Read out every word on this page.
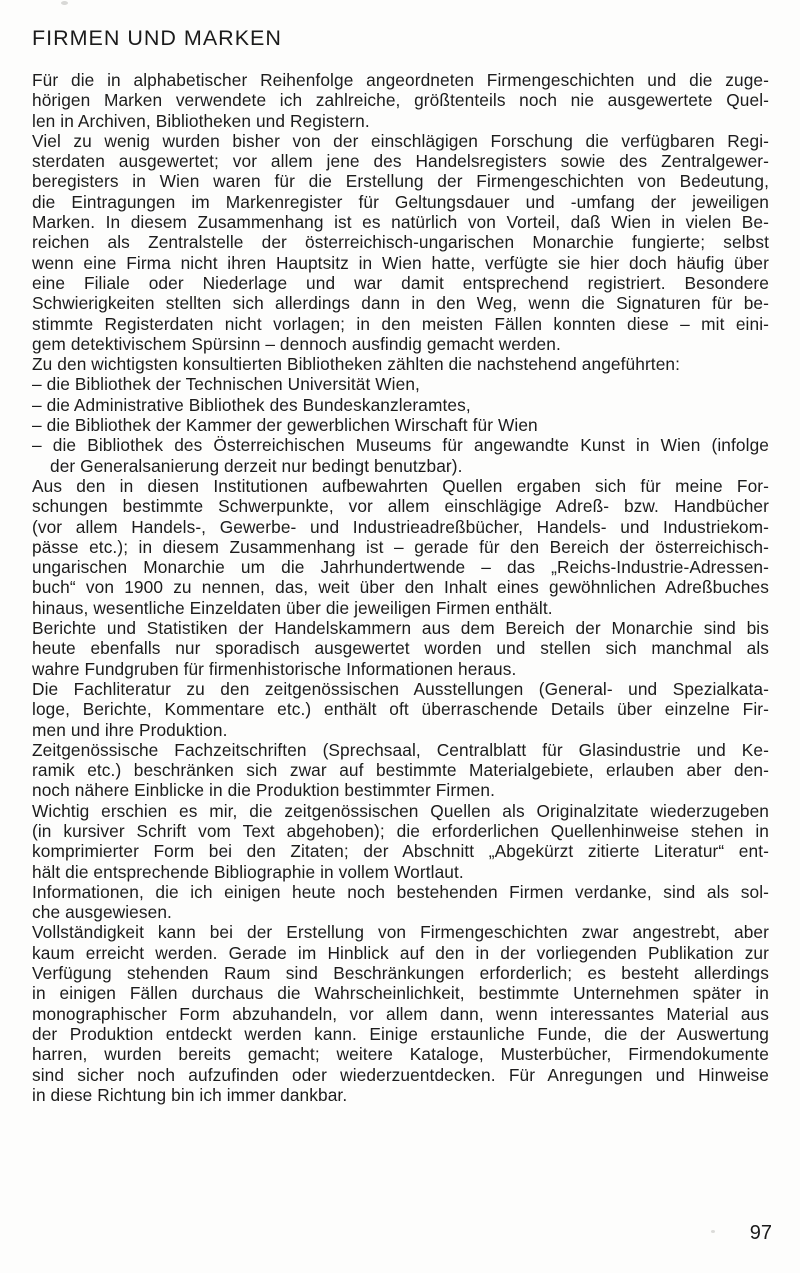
FIRMEN UND MARKEN
Für die in alphabetischer Reihenfolge angeordneten Firmengeschichten und die zuge-
hörigen Marken verwendete ich zahlreiche, größtenteils noch nie ausgewertete Quel-
len in Archiven, Bibliotheken und Registern.
Viel zu wenig wurden bisher von der einschlägigen Forschung die verfügbaren Regi-
sterdaten ausgewertet; vor allem jene des Handelsregisters sowie des Zentralgewer-
beregisters in Wien waren für die Erstellung der Firmengeschichten von Bedeutung,
die Eintragungen im Markenregister für Geltungsdauer und -umfang der jeweiligen
Marken. In diesem Zusammenhang ist es natürlich von Vorteil, daß Wien in vielen Be-
reichen als Zentralstelle der österreichisch-ungarischen Monarchie fungierte; selbst
wenn eine Firma nicht ihren Hauptsitz in Wien hatte, verfügte sie hier doch häufig über
eine Filiale oder Niederlage und war damit entsprechend registriert. Besondere
Schwierigkeiten stellten sich allerdings dann in den Weg, wenn die Signaturen für be-
stimmte Registerdaten nicht vorlagen; in den meisten Fällen konnten diese – mit eini-
gem detektivischem Spürsinn – dennoch ausfindig gemacht werden.
Zu den wichtigsten konsultierten Bibliotheken zählten die nachstehend angeführten:
– die Bibliothek der Technischen Universität Wien,
– die Administrative Bibliothek des Bundeskanzleramtes,
– die Bibliothek der Kammer der gewerblichen Wirschaft für Wien
– die Bibliothek des Österreichischen Museums für angewandte Kunst in Wien (infolge
der Generalsanierung derzeit nur bedingt benutzbar).
Aus den in diesen Institutionen aufbewahrten Quellen ergaben sich für meine For-
schungen bestimmte Schwerpunkte, vor allem einschlägige Adreß- bzw. Handbücher
(vor allem Handels-, Gewerbe- und Industrieadreßbücher, Handels- und Industriekom-
pässe etc.); in diesem Zusammenhang ist – gerade für den Bereich der österreichisch-
ungarischen Monarchie um die Jahrhundertwende – das „Reichs-Industrie-Adressen-
buch“ von 1900 zu nennen, das, weit über den Inhalt eines gewöhnlichen Adreßbuches
hinaus, wesentliche Einzeldaten über die jeweiligen Firmen enthält.
Berichte und Statistiken der Handelskammern aus dem Bereich der Monarchie sind bis
heute ebenfalls nur sporadisch ausgewertet worden und stellen sich manchmal als
wahre Fundgruben für firmenhistorische Informationen heraus.
Die Fachliteratur zu den zeitgenössischen Ausstellungen (General- und Spezialkata-
loge, Berichte, Kommentare etc.) enthält oft überraschende Details über einzelne Fir-
men und ihre Produktion.
Zeitgenössische Fachzeitschriften (Sprechsaal, Centralblatt für Glasindustrie und Ke-
ramik etc.) beschränken sich zwar auf bestimmte Materialgebiete, erlauben aber den-
noch nähere Einblicke in die Produktion bestimmter Firmen.
Wichtig erschien es mir, die zeitgenössischen Quellen als Originalzitate wiederzugeben
(in kursiver Schrift vom Text abgehoben); die erforderlichen Quellenhinweise stehen in
komprimierter Form bei den Zitaten; der Abschnitt „Abgekürzt zitierte Literatur“ ent-
hält die entsprechende Bibliographie in vollem Wortlaut.
Informationen, die ich einigen heute noch bestehenden Firmen verdanke, sind als sol-
che ausgewiesen.
Vollständigkeit kann bei der Erstellung von Firmengeschichten zwar angestrebt, aber
kaum erreicht werden. Gerade im Hinblick auf den in der vorliegenden Publikation zur
Verfügung stehenden Raum sind Beschränkungen erforderlich; es besteht allerdings
in einigen Fällen durchaus die Wahrscheinlichkeit, bestimmte Unternehmen später in
monographischer Form abzuhandeln, vor allem dann, wenn interessantes Material aus
der Produktion entdeckt werden kann. Einige erstaunliche Funde, die der Auswertung
harren, wurden bereits gemacht; weitere Kataloge, Musterbücher, Firmendokumente
sind sicher noch aufzufinden oder wiederzuentdecken. Für Anregungen und Hinweise
in diese Richtung bin ich immer dankbar.
97
